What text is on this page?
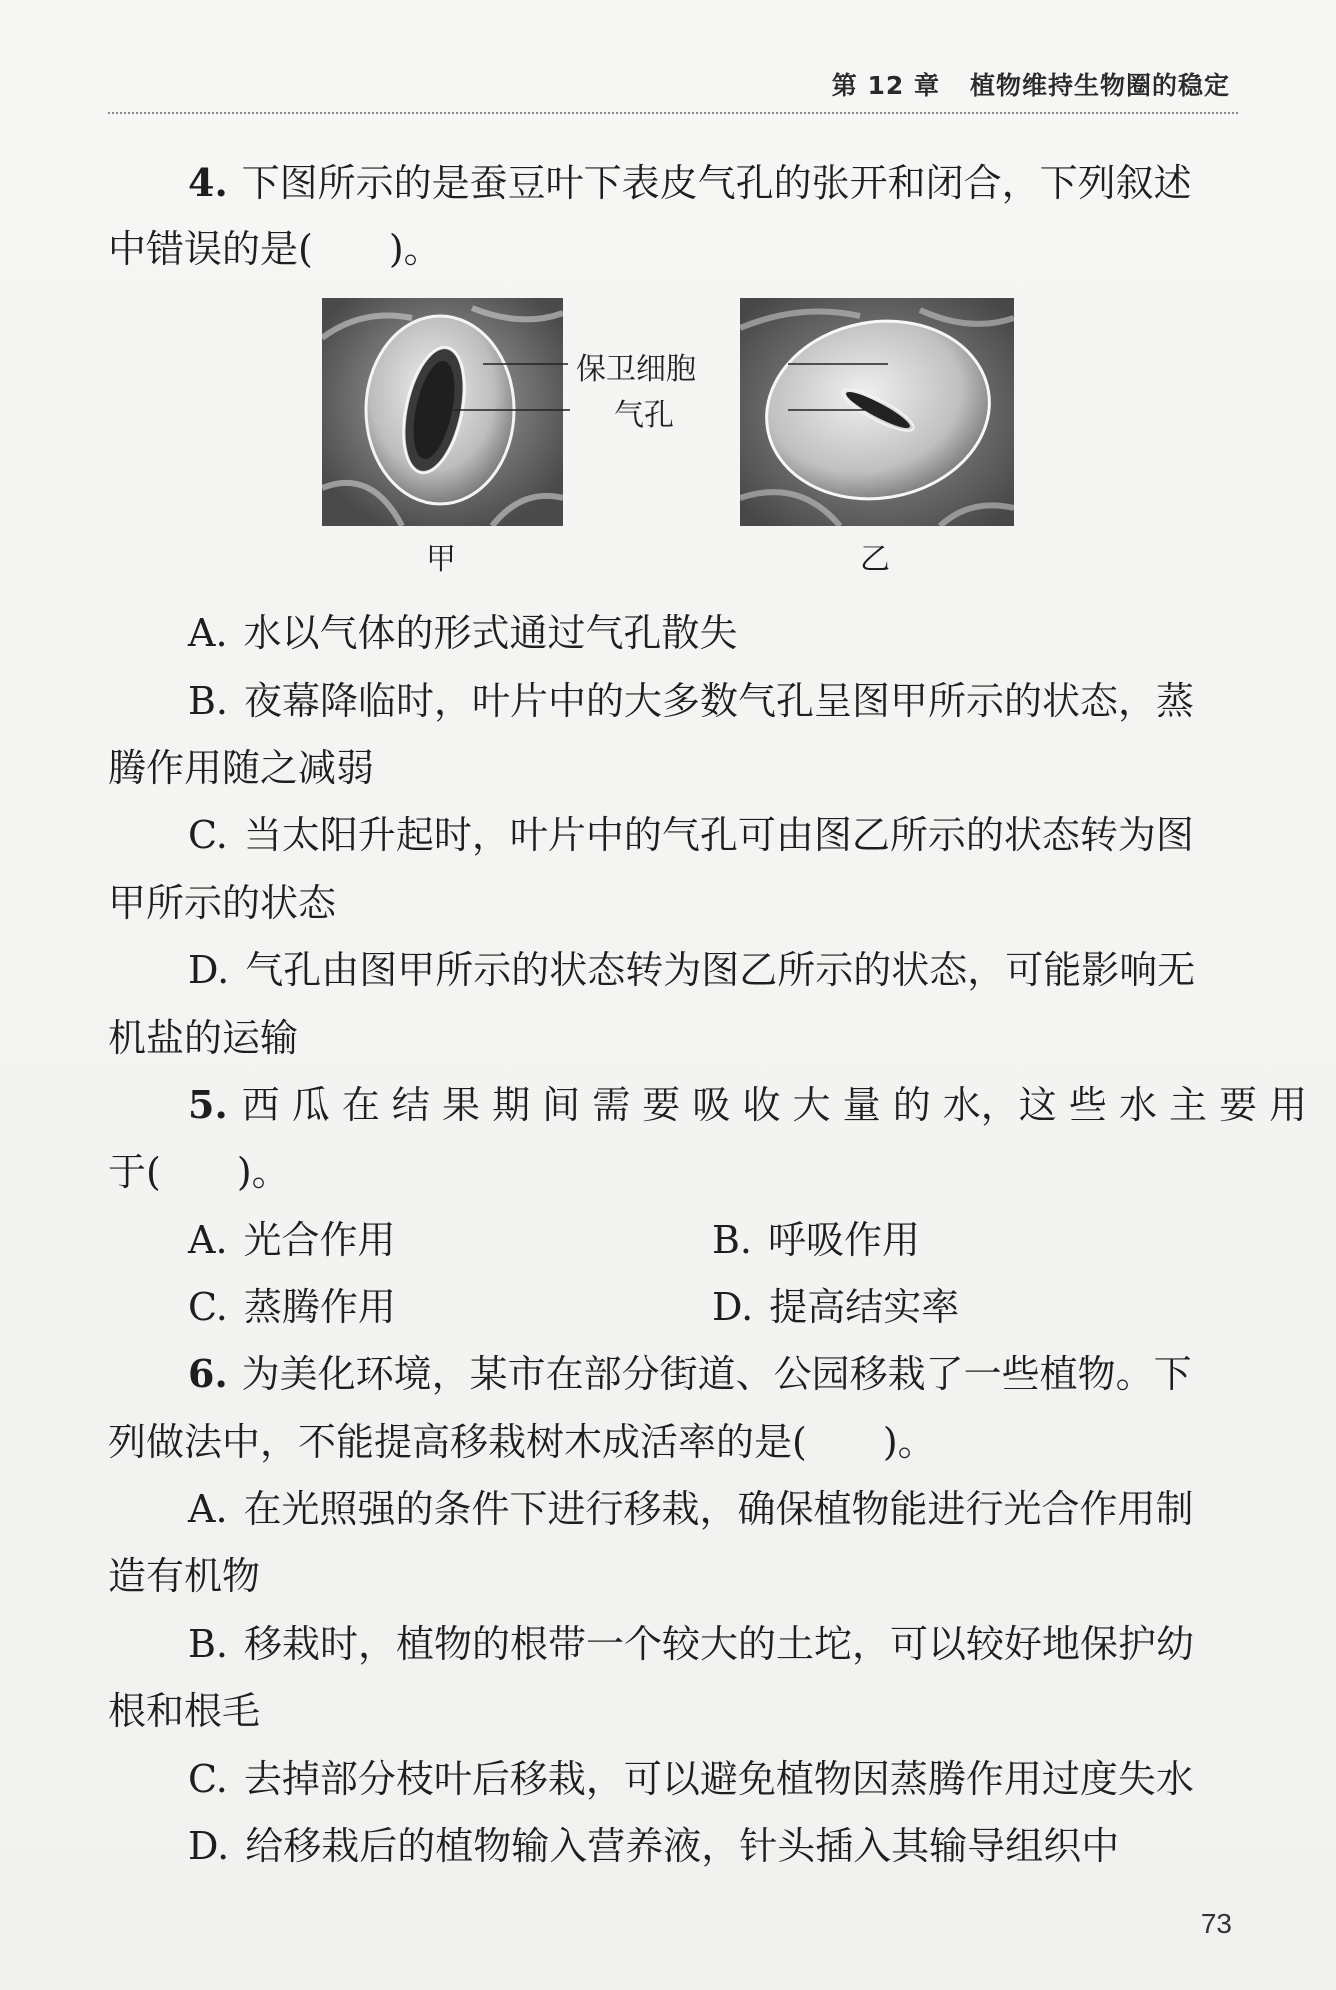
第 12 章 植物维持生物圈的稳定
4. 下图所示的是蚕豆叶下表皮气孔的张开和闭合，下列叙述
中错误的是(　　)。
保卫细胞
气孔
甲	乙
A. 水以气体的形式通过气孔散失
B. 夜幕降临时，叶片中的大多数气孔呈图甲所示的状态，蒸
腾作用随之减弱
C. 当太阳升起时，叶片中的气孔可由图乙所示的状态转为图
甲所示的状态
D. 气孔由图甲所示的状态转为图乙所示的状态，可能影响无
机盐的运输
5. 西 瓜 在 结 果 期 间 需 要 吸 收 大 量 的 水，这 些 水 主 要 用
于(　　)。
A. 光合作用	B. 呼吸作用
C. 蒸腾作用	D. 提高结实率
6. 为美化环境，某市在部分街道、公园移栽了一些植物。下
列做法中，不能提高移栽树木成活率的是(　　)。
A. 在光照强的条件下进行移栽，确保植物能进行光合作用制
造有机物
B. 移栽时，植物的根带一个较大的土坨，可以较好地保护幼
根和根毛
C. 去掉部分枝叶后移栽，可以避免植物因蒸腾作用过度失水
D. 给移栽后的植物输入营养液，针头插入其输导组织中
73
